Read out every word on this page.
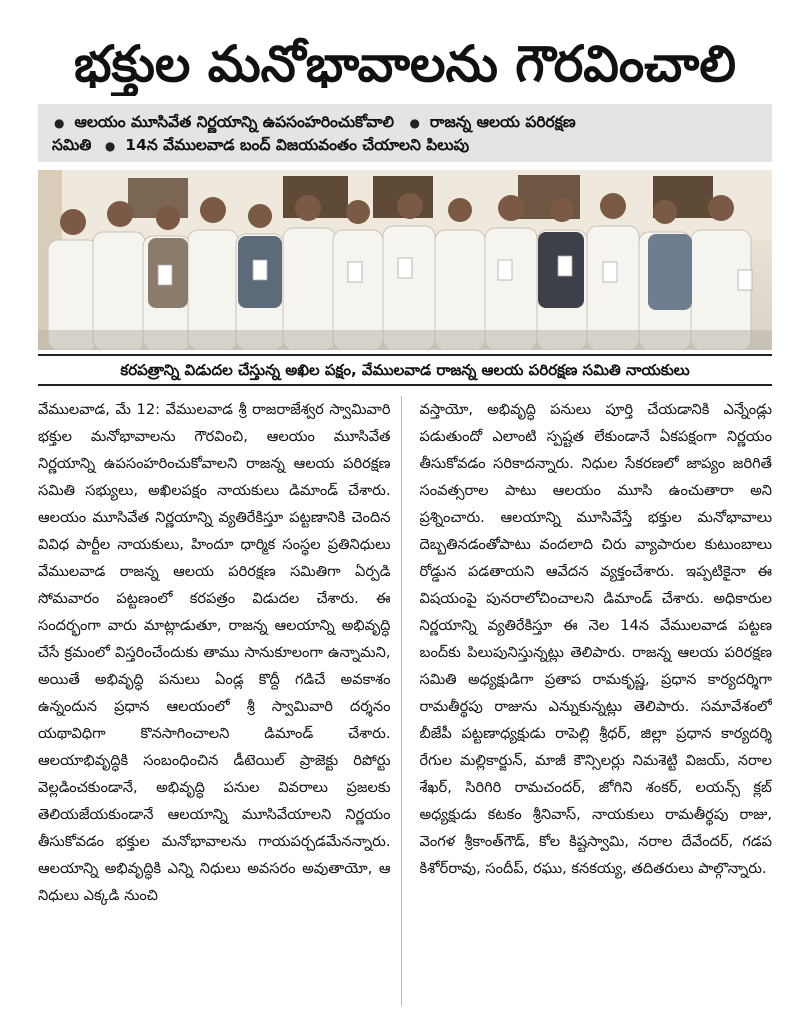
భక్తుల మనోభావాలను గౌరవించాలి
● ఆలయం మూసివేత నిర్ణయాన్ని ఉపసంహరించుకోవాలి ● రాజన్న ఆలయ పరిరక్షణ
సమితి ● 14న వేములవాడ బంద్ విజయవంతం చేయాలని పిలుపు
కరపత్రాన్ని విడుదల చేస్తున్న అఖిల పక్షం, వేములవాడ రాజన్న ఆలయ పరిరక్షణ సమితి నాయకులు

వేములవాడ, మే 12: వేములవాడ శ్రీ రాజరాజేశ్వర స్వామివారి భక్తుల మనోభావాలను గౌరవించి, ఆలయం మూసివేత నిర్ణయాన్ని ఉపసంహరించుకోవాలని రాజన్న ఆలయ పరిరక్షణ సమితి సభ్యులు, అఖిలపక్షం నాయకులు డిమాండ్ చేశారు. ఆలయం మూసివేత నిర్ణయాన్ని వ్యతిరేకిస్తూ పట్టణానికి చెందిన వివిధ పార్టీల నాయకులు, హిందూ ధార్మిక సంస్థల ప్రతినిధులు వేములవాడ రాజన్న ఆలయ పరిరక్షణ సమితిగా ఏర్పడి సోమవారం పట్టణంలో కరపత్రం విడుదల చేశారు. ఈ సందర్భంగా వారు మాట్లాడుతూ, రాజన్న ఆలయాన్ని అభివృద్ధి చేసే క్రమంలో విస్తరించేందుకు తాము సానుకూలంగా ఉన్నామని, అయితే అభివృద్ధి పనులు ఏండ్ల కొద్దీ గడిచే అవకాశం ఉన్నందున ప్రధాన ఆలయంలో శ్రీ స్వామివారి దర్శనం యథావిధిగా కొనసాగించాలని డిమాండ్ చేశారు. ఆలయాభివృద్ధికి సంబంధించిన డీటెయిల్ ప్రాజెక్టు రిపోర్టు వెల్లడించకుండానే, అభివృద్ధి పనుల వివరాలు ప్రజలకు తెలియజేయకుండానే ఆలయాన్ని మూసివేయాలని నిర్ణయం తీసుకోవడం భక్తుల మనోభావాలను గాయపర్చడమేనన్నారు. ఆలయాన్ని అభివృద్ధికి ఎన్ని నిధులు అవసరం అవుతాయో, ఆ నిధులు ఎక్కడి నుంచి

వస్తాయో, అభివృద్ధి పనులు పూర్తి చేయడానికి ఎన్నేండ్లు పడుతుందో ఎలాంటి స్పష్టత లేకుండానే ఏకపక్షంగా నిర్ణయం తీసుకోవడం సరికాదన్నారు. నిధుల సేకరణలో జాప్యం జరిగితే సంవత్సరాల పాటు ఆలయం మూసి ఉంచుతారా అని ప్రశ్నించారు. ఆలయాన్ని మూసివేస్తే భక్తుల మనోభావాలు దెబ్బతినడంతోపాటు వందలాది చిరు వ్యాపారుల కుటుంబాలు రోడ్డున పడతాయని ఆవేదన వ్యక్తంచేశారు. ఇప్పటికైనా ఈ విషయంపై పునరాలోచించాలని డిమాండ్ చేశారు. అధికారుల నిర్ణయాన్ని వ్యతిరేకిస్తూ ఈ నెల 14న వేములవాడ పట్టణ బంద్‌కు పిలుపునిస్తున్నట్లు తెలిపారు. రాజన్న ఆలయ పరిరక్షణ సమితి అధ్యక్షుడిగా ప్రతాప రామకృష్ణ, ప్రధాన కార్యదర్శిగా రామతీర్థపు రాజును ఎన్నుకున్నట్లు తెలిపారు. సమావేశంలో బీజేపీ పట్టణాధ్యక్షుడు రాపెల్లి శ్రీధర్, జిల్లా ప్రధాన కార్యదర్శి రేగుల మల్లికార్జున్, మాజీ కౌన్సిలర్లు నిమశెట్టి విజయ్, నరాల శేఖర్, సిరిగిరి రామచందర్, జోగిని శంకర్, లయన్స్ క్లబ్ అధ్యక్షుడు కటకం శ్రీనివాస్, నాయకులు రామతీర్థపు రాజు, వెంగళ శ్రీకాంత్‌గౌడ్, కోల కిష్టస్వామి, నరాల దేవేందర్, గడప కిశోర్‌రావు, సందీప్, రఘు, కనకయ్య, తదితరులు పాల్గొన్నారు.
